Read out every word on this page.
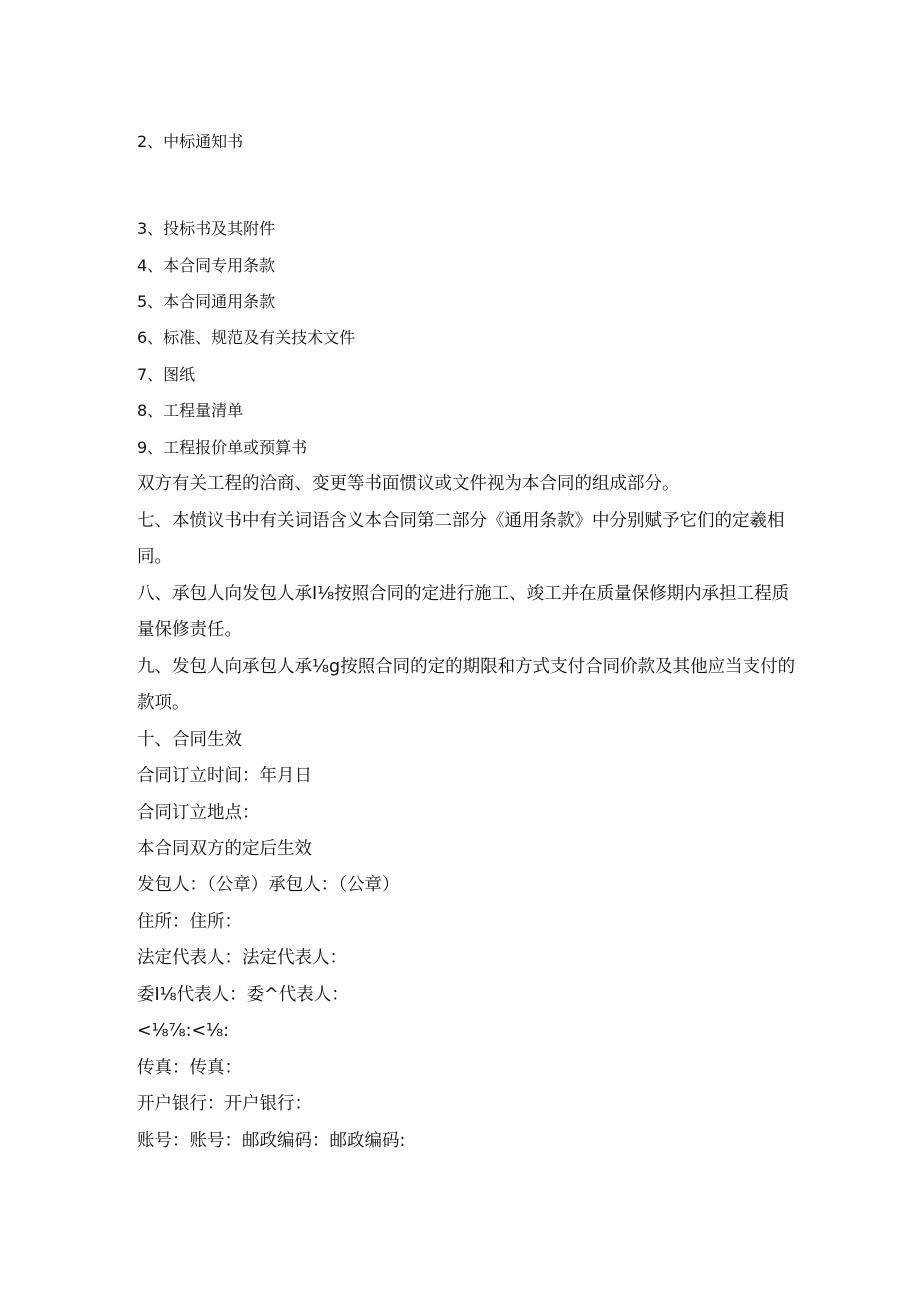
2、中标通知书
3、投标书及其附件
4、本合同专用条款
5、本合同通用条款
6、标准、规范及有关技术文件
7、图纸
8、工程量清单
9、工程报价单或预算书
双方有关工程的洽商、变更等书面惯议或文件视为本合同的组成部分。
七、本愤议书中有关词语含义本合同第二部分《通用条款》中分别赋予它们的定羲相
同。
八、承包人向发包人承Ⅰ⅛按照合同的定进行施工、竣工并在质量保修期内承担工程质
量保修责任。
九、发包人向承包人承⅛g按照合同的定的期限和方式支付合同价款及其他应当支付的
款项。
十、合同生效
合同订立时间：年月日
合同订立地点：
本合同双方的定后生效
发包人：（公章）承包人：（公章）
住所：住所：
法定代表人：法定代表人：
委Ⅰ⅛代表人：委^代表人：
<⅛⅞:<⅛:
传真：传真：
开户银行：开户银行：
账号：账号：邮政编码：邮政编码:
